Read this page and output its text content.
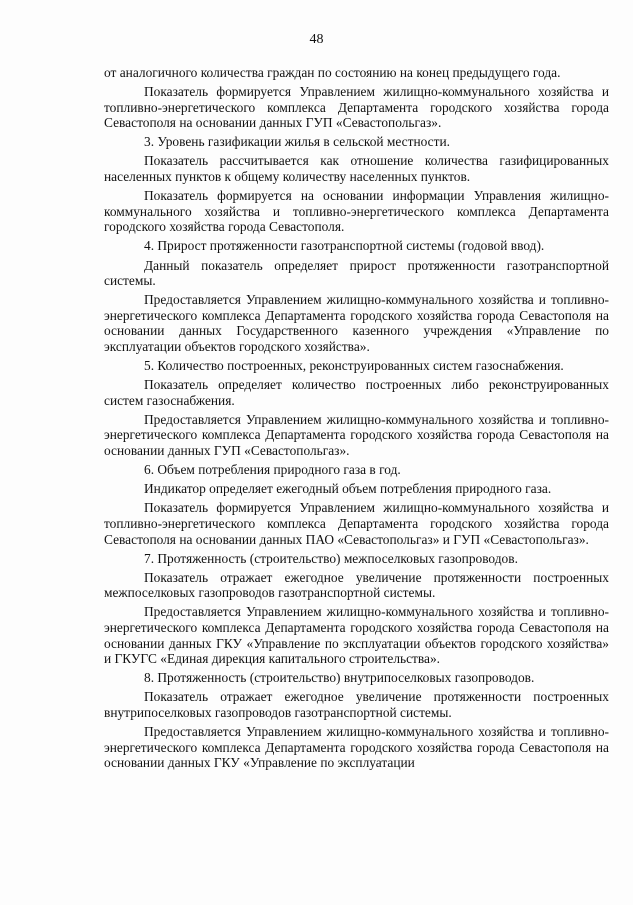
48

от аналогичного количества граждан по состоянию на конец предыдущего года.

Показатель формируется Управлением жилищно-коммунального хозяйства и топливно-энергетического комплекса Департамента городского хозяйства города Севастополя на основании данных ГУП «Севастопольгаз».

3. Уровень газификации жилья в сельской местности.

Показатель рассчитывается как отношение количества газифицированных населенных пунктов к общему количеству населенных пунктов.

Показатель формируется на основании информации Управления жилищно-коммунального хозяйства и топливно-энергетического комплекса Департамента городского хозяйства города Севастополя.

4. Прирост протяженности газотранспортной системы (годовой ввод).

Данный показатель определяет прирост протяженности газотранспортной системы.

Предоставляется Управлением жилищно-коммунального хозяйства и топливно-энергетического комплекса Департамента городского хозяйства города Севастополя на основании данных Государственного казенного учреждения «Управление по эксплуатации объектов городского хозяйства».

5. Количество построенных, реконструированных систем газоснабжения.

Показатель определяет количество построенных либо реконструированных систем газоснабжения.

Предоставляется Управлением жилищно-коммунального хозяйства и топливно-энергетического комплекса Департамента городского хозяйства города Севастополя на основании данных ГУП «Севастопольгаз».

6. Объем потребления природного газа в год.

Индикатор определяет ежегодный объем потребления природного газа.

Показатель формируется Управлением жилищно-коммунального хозяйства и топливно-энергетического комплекса Департамента городского хозяйства города Севастополя на основании данных ПАО «Севастопольгаз» и ГУП «Севастопольгаз».

7. Протяженность (строительство) межпоселковых газопроводов.

Показатель отражает ежегодное увеличение протяженности построенных межпоселковых газопроводов газотранспортной системы.

Предоставляется Управлением жилищно-коммунального хозяйства и топливно-энергетического комплекса Департамента городского хозяйства города Севастополя на основании данных ГКУ «Управление по эксплуатации объектов городского хозяйства» и ГКУГС «Единая дирекция капитального строительства».

8. Протяженность (строительство) внутрипоселковых газопроводов.

Показатель отражает ежегодное увеличение протяженности построенных внутрипоселковых газопроводов газотранспортной системы.

Предоставляется Управлением жилищно-коммунального хозяйства и топливно-энергетического комплекса Департамента городского хозяйства города Севастополя на основании данных ГКУ «Управление по эксплуатации
